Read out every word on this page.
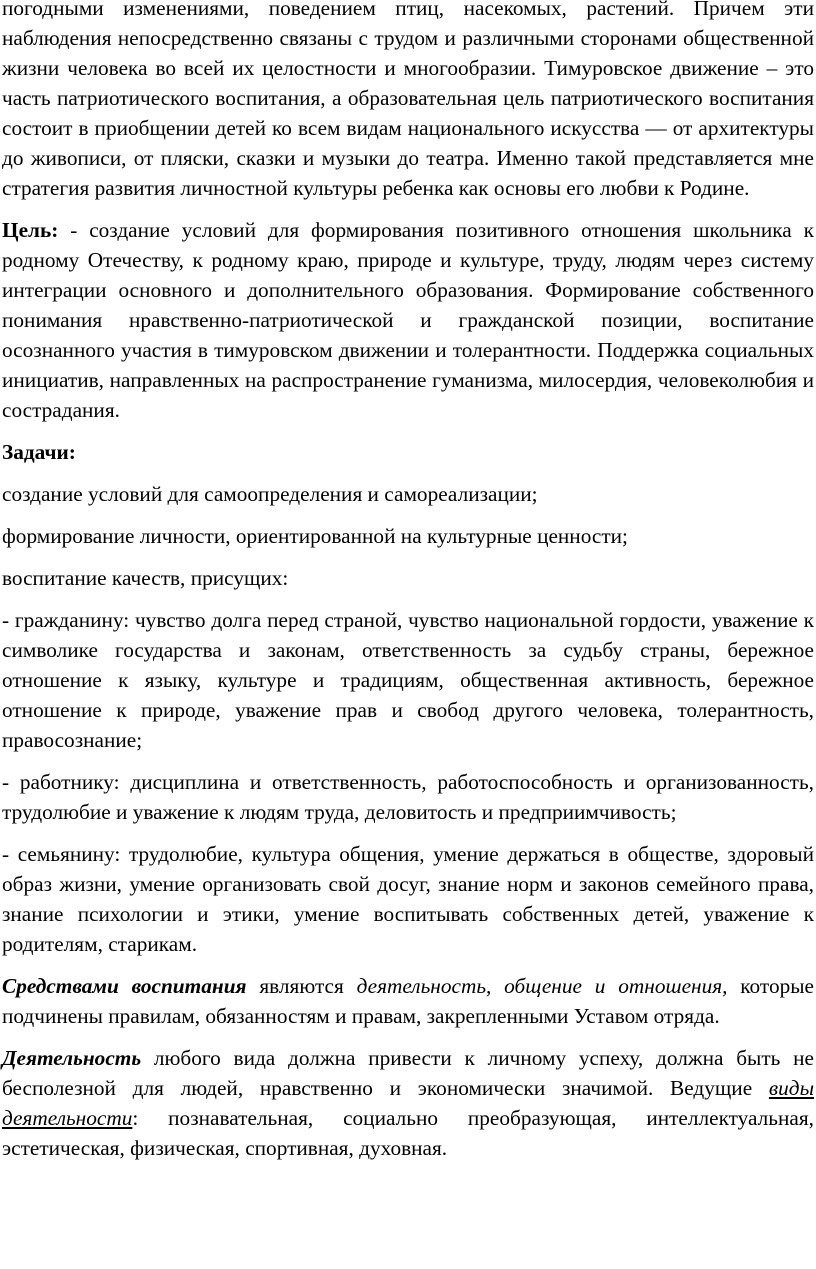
погодными изменениями, поведением птиц, насекомых, растений. Причем эти наблюдения непосредственно связаны с трудом и различными сторонами общественной жизни человека во всей их целостности и многообразии. Тимуровское движение – это часть патриотического воспитания, а образовательная цель патриотического воспитания состоит в приобщении детей ко всем видам национального искусства — от архитектуры до живописи, от пляски, сказки и музыки до театра. Именно такой представляется мне стратегия развития личностной культуры ребенка как основы его любви к Родине.

Цель: - создание условий для формирования позитивного отношения школьника к родному Отечеству, к родному краю, природе и культуре, труду, людям через систему интеграции основного и дополнительного образования. Формирование собственного понимания нравственно-патриотической и гражданской позиции, воспитание осознанного участия в тимуровском движении и толерантности. Поддержка социальных инициатив, направленных на распространение гуманизма, милосердия, человеколюбия и сострадания.

Задачи:

создание условий для самоопределения и самореализации;

формирование личности, ориентированной на культурные ценности;

воспитание качеств, присущих:

- гражданину: чувство долга перед страной, чувство национальной гордости, уважение к символике государства и законам, ответственность за судьбу страны, бережное отношение к языку, культуре и традициям, общественная активность, бережное отношение к природе, уважение прав и свобод другого человека, толерантность, правосознание;

- работнику: дисциплина и ответственность, работоспособность и организованность, трудолюбие и уважение к людям труда, деловитость и предприимчивость;

- семьянину: трудолюбие, культура общения, умение держаться в обществе, здоровый образ жизни, умение организовать свой досуг, знание норм и законов семейного права, знание психологии и этики, умение воспитывать собственных детей, уважение к родителям, старикам.

Средствами воспитания являются деятельность, общение и отношения, которые подчинены правилам, обязанностям и правам, закрепленными Уставом отряда.

Деятельность любого вида должна привести к личному успеху, должна быть не бесполезной для людей, нравственно и экономически значимой. Ведущие виды деятельности: познавательная, социально преобразующая, интеллектуальная, эстетическая, физическая, спортивная, духовная.
